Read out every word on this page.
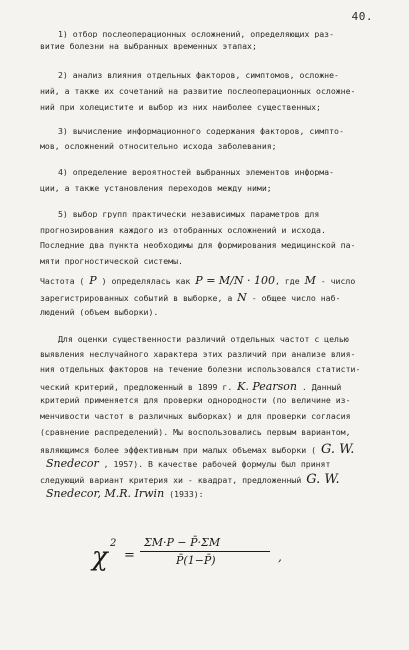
40.
1) отбор послеоперационных осложнений, определяющих раз-
витие болезни на выбранных временных этапах;
2) анализ влияния отдельных факторов, симптомов, осложне-
ний, а также их сочетаний на развитие послеоперационных осложне-
ний при холецистите и выбор из них наиболее существенных;
3) вычисление информационного содержания факторов, симпто-
мов, осложнений относительно исхода заболевания;
4) определение вероятностей выбранных элементов информа-
ции, а также установления переходов между ними;
5) выбор групп практически независимых параметров для
прогнозирования каждого из отобранных осложнений и исхода.
Последние два пункта необходимы для формирования медицинской па-
мяти прогностической системы.
Частота ( P ) определялась как P = M/N · 100, где M - число
зарегистрированных событий в выборке, а N - общее число наб-
людений (объем выборки).
Для оценки существенности различий отдельных частот с целью
выявления неслучайного характера этих различий при анализе влия-
ния отдельных факторов на течение болезни использовался статисти-
ческий критерий, предложенный в 1899 г. K. Pearson . Данный
критерий применяется для проверки однородности (по величине из-
менчивости частот в различных выборках) и для проверки согласия
(сравнение распределений). Мы воспользовались первым вариантом,
являющимся более эффективным при малых объемах выборки ( G. W.
Snedecor , 1957). В качестве рабочей формулы был принят
следующий вариант критерия хи - квадрат, предложенный G. W.
Snedecor, M.R. Irwin (1933):
χ 2
=
ΣM·P − P̄·ΣM
P̄(1−P̄)	,
